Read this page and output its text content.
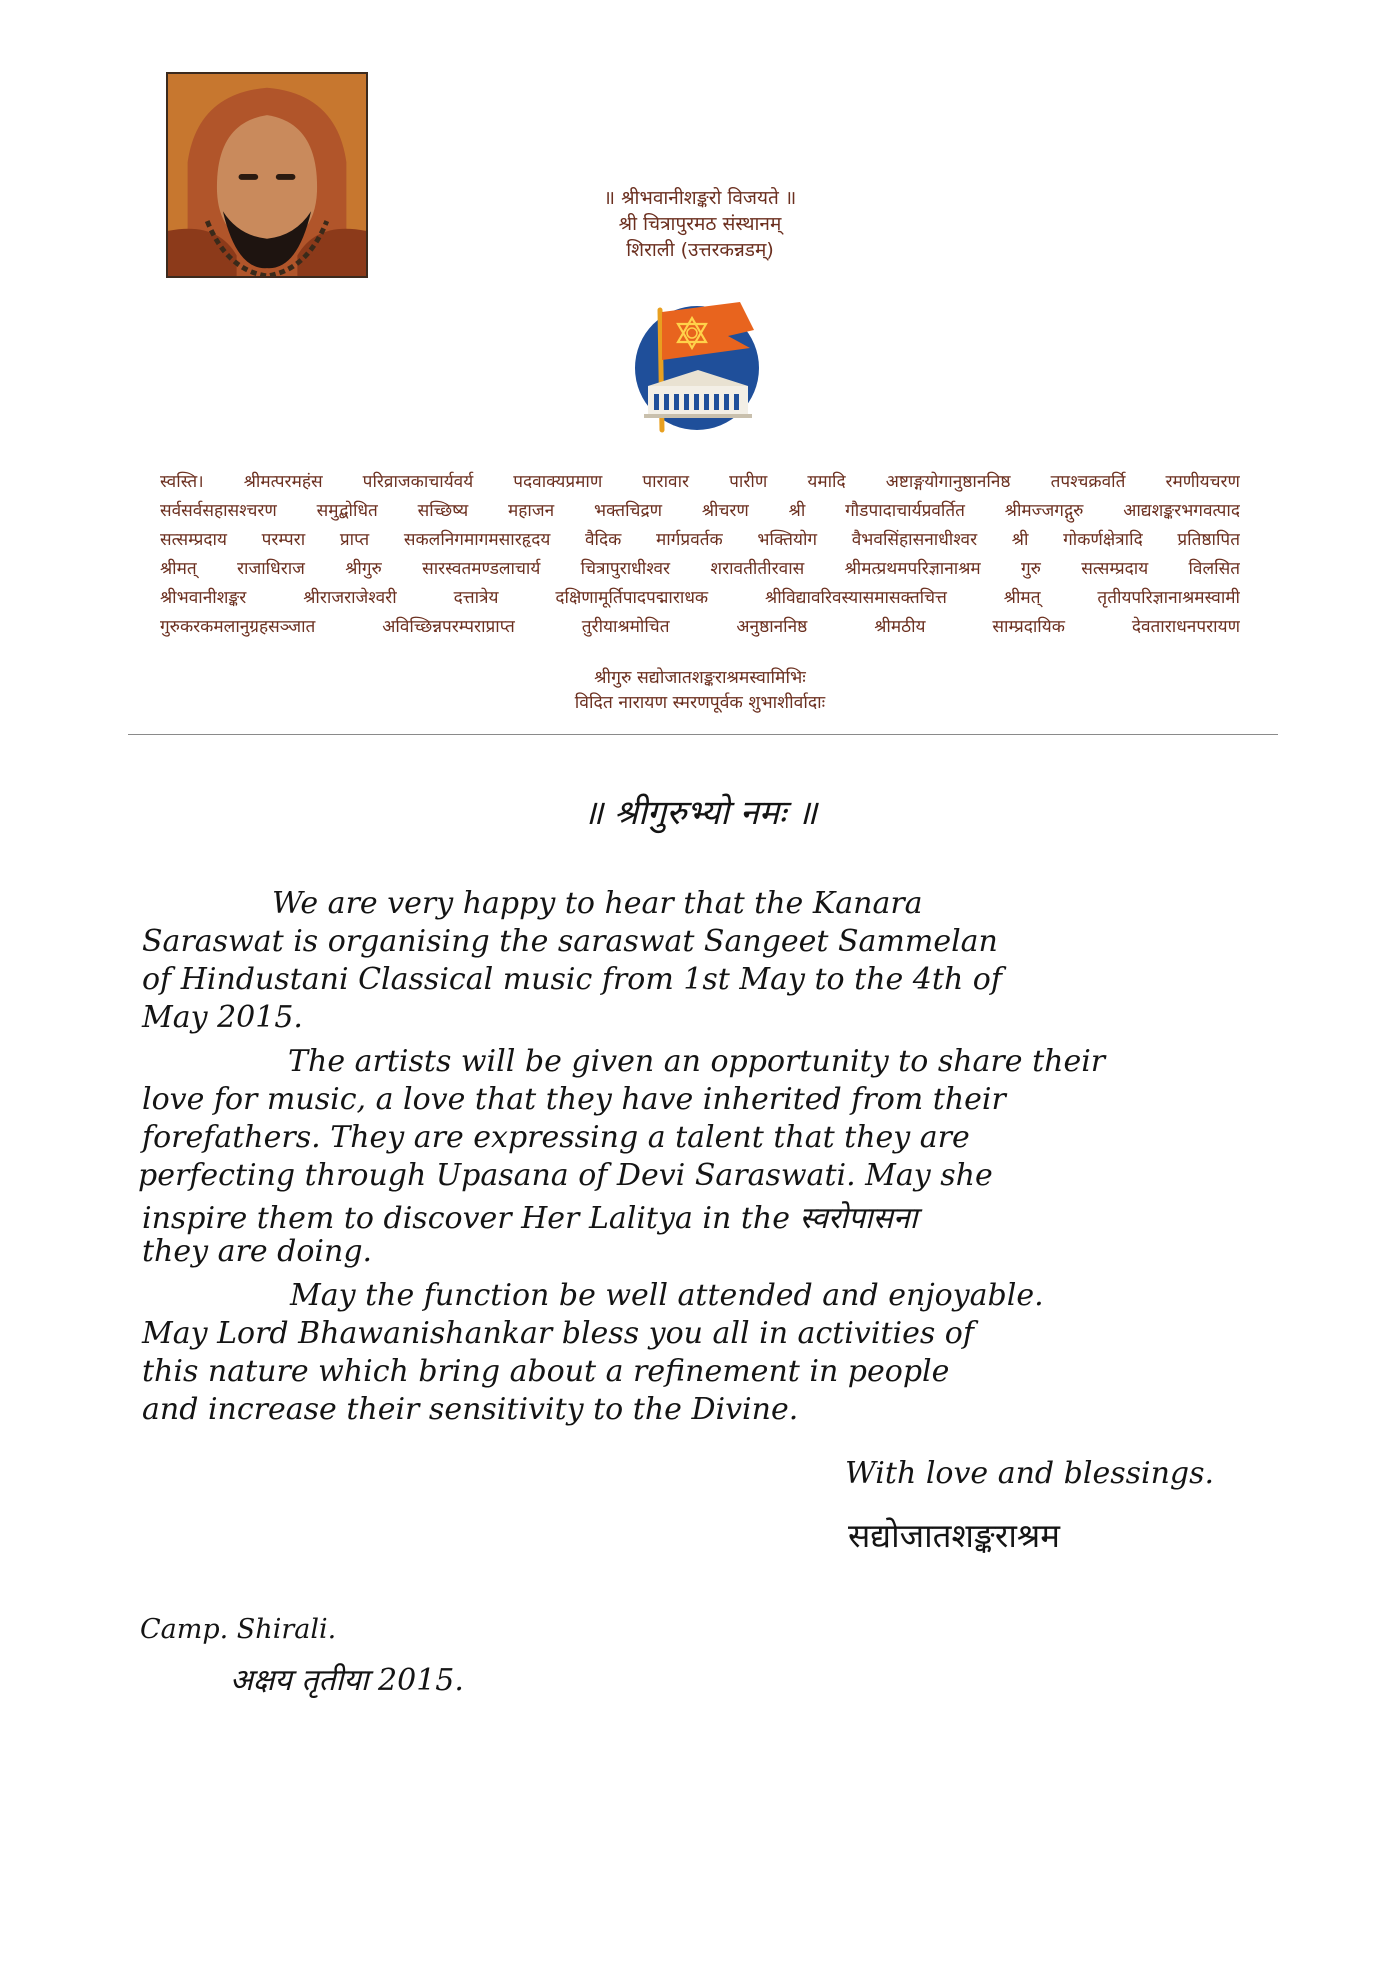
॥ श्रीभवानीशङ्करो विजयते ॥
श्री चित्रापुरमठ संस्थानम्
शिराली (उत्तरकन्नडम्)
स्वस्ति। श्रीमत्परमहंस परिव्राजकाचार्यवर्य पदवाक्यप्रमाण पारावार पारीण यमादि अष्टाङ्गयोगानुष्ठाननिष्ठ तपश्चक्रवर्ति रमणीयचरण
सर्वसर्वसहासश्चरण समुद्बोधित सच्छिष्य महाजन भक्तचिद्रण श्रीचरण श्री गौडपादाचार्यप्रवर्तित श्रीमज्जगद्गुरु आद्यशङ्करभगवत्पाद
सत्सम्प्रदाय परम्परा प्राप्त सकलनिगमागमसारहृदय वैदिक मार्गप्रवर्तक भक्तियोग वैभवसिंहासनाधीश्वर श्री गोकर्णक्षेत्रादि प्रतिष्ठापित
श्रीमत् राजाधिराज श्रीगुरु सारस्वतमण्डलाचार्य चित्रापुराधीश्वर शरावतीतीरवास श्रीमत्प्रथमपरिज्ञानाश्रम गुरु सत्सम्प्रदाय विलसित
श्रीभवानीशङ्कर श्रीराजराजेश्वरी दत्तात्रेय दक्षिणामूर्तिपादपद्माराधक श्रीविद्यावरिवस्यासमासक्तचित्त श्रीमत् तृतीयपरिज्ञानाश्रमस्वामी
गुरुकरकमलानुग्रहसञ्जात अविच्छिन्नपरम्पराप्राप्त तुरीयाश्रमोचित अनुष्ठाननिष्ठ श्रीमठीय साम्प्रदायिक देवताराधनपरायण
श्रीगुरु सद्योजातशङ्कराश्रमस्वामिभिः
विदित नारायण स्मरणपूर्वक शुभाशीर्वादाः
॥ श्रीगुरुभ्यो नमः ॥
We are very happy to hear that the Kanara
Saraswat is organising the saraswat Sangeet Sammelan
of Hindustani Classical music from 1st May to the 4th of
May 2015.
The artists will be given an opportunity to share their
love for music, a love that they have inherited from their
forefathers. They are expressing a talent that they are
perfecting through Upasana of Devi Saraswati. May she
inspire them to discover Her Lalitya in the स्वरोपासना
they are doing.
May the function be well attended and enjoyable.
May Lord Bhawanishankar bless you all in activities of
this nature which bring about a refinement in people
and increase their sensitivity to the Divine.
With love and blessings.
सद्योजातशङ्कराश्रम
Camp. Shirali.
अक्षय तृतीया 2015.
